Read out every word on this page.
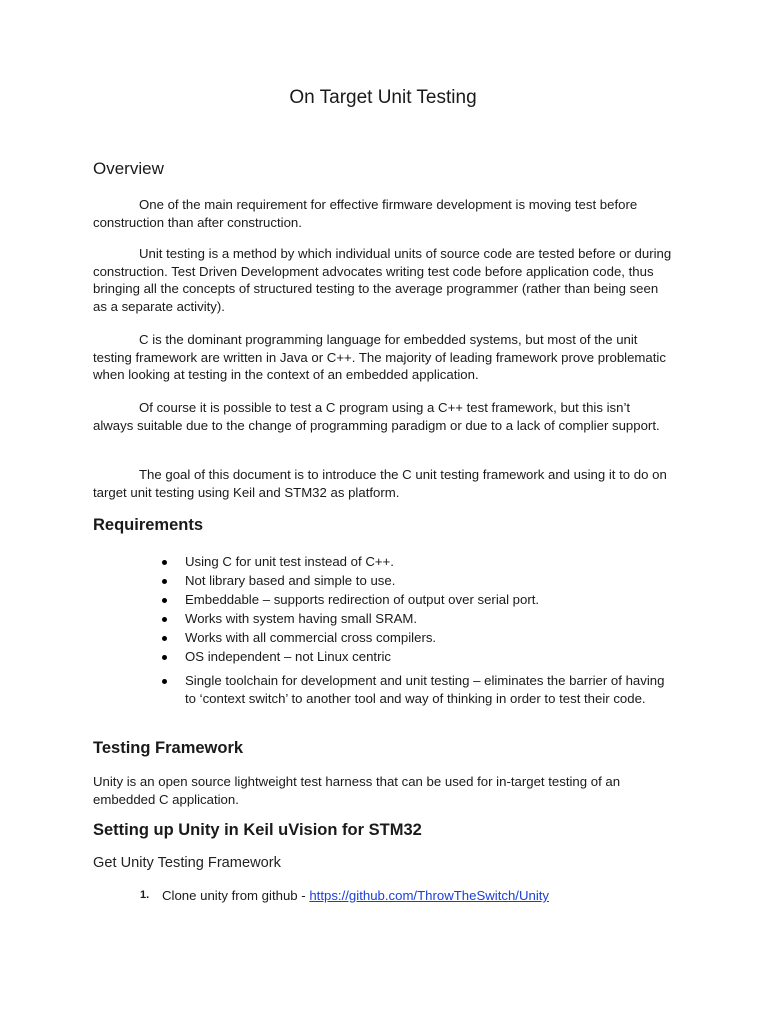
On Target Unit Testing
Overview

One of the main requirement for effective firmware development is moving test before construction than after construction.

Unit testing is a method by which individual units of source code are tested before or during construction. Test Driven Development advocates writing test code before application code, thus bringing all the concepts of structured testing to the average programmer (rather than being seen as a separate activity).

C is the dominant programming language for embedded systems, but most of the unit testing framework are written in Java or C++. The majority of leading framework prove problematic when looking at testing in the context of an embedded application.

Of course it is possible to test a C program using a C++ test framework, but this isn’t always suitable due to the change of programming paradigm or due to a lack of complier support.

The goal of this document is to introduce the C unit testing framework and using it to do on target unit testing using Keil and STM32 as platform.

Requirements
Using C for unit test instead of C++.
Not library based and simple to use.
Embeddable – supports redirection of output over serial port.
Works with system having small SRAM.
Works with all commercial cross compilers.
OS independent – not Linux centric
Single toolchain for development and unit testing – eliminates the barrier of having to ‘context switch’ to another tool and way of thinking in order to test their code.
Testing Framework

Unity is an open source lightweight test harness that can be used for in-target testing of an embedded C application.

Setting up Unity in Keil uVision for STM32
Get Unity Testing Framework
1. Clone unity from github - https://github.com/ThrowTheSwitch/Unity
